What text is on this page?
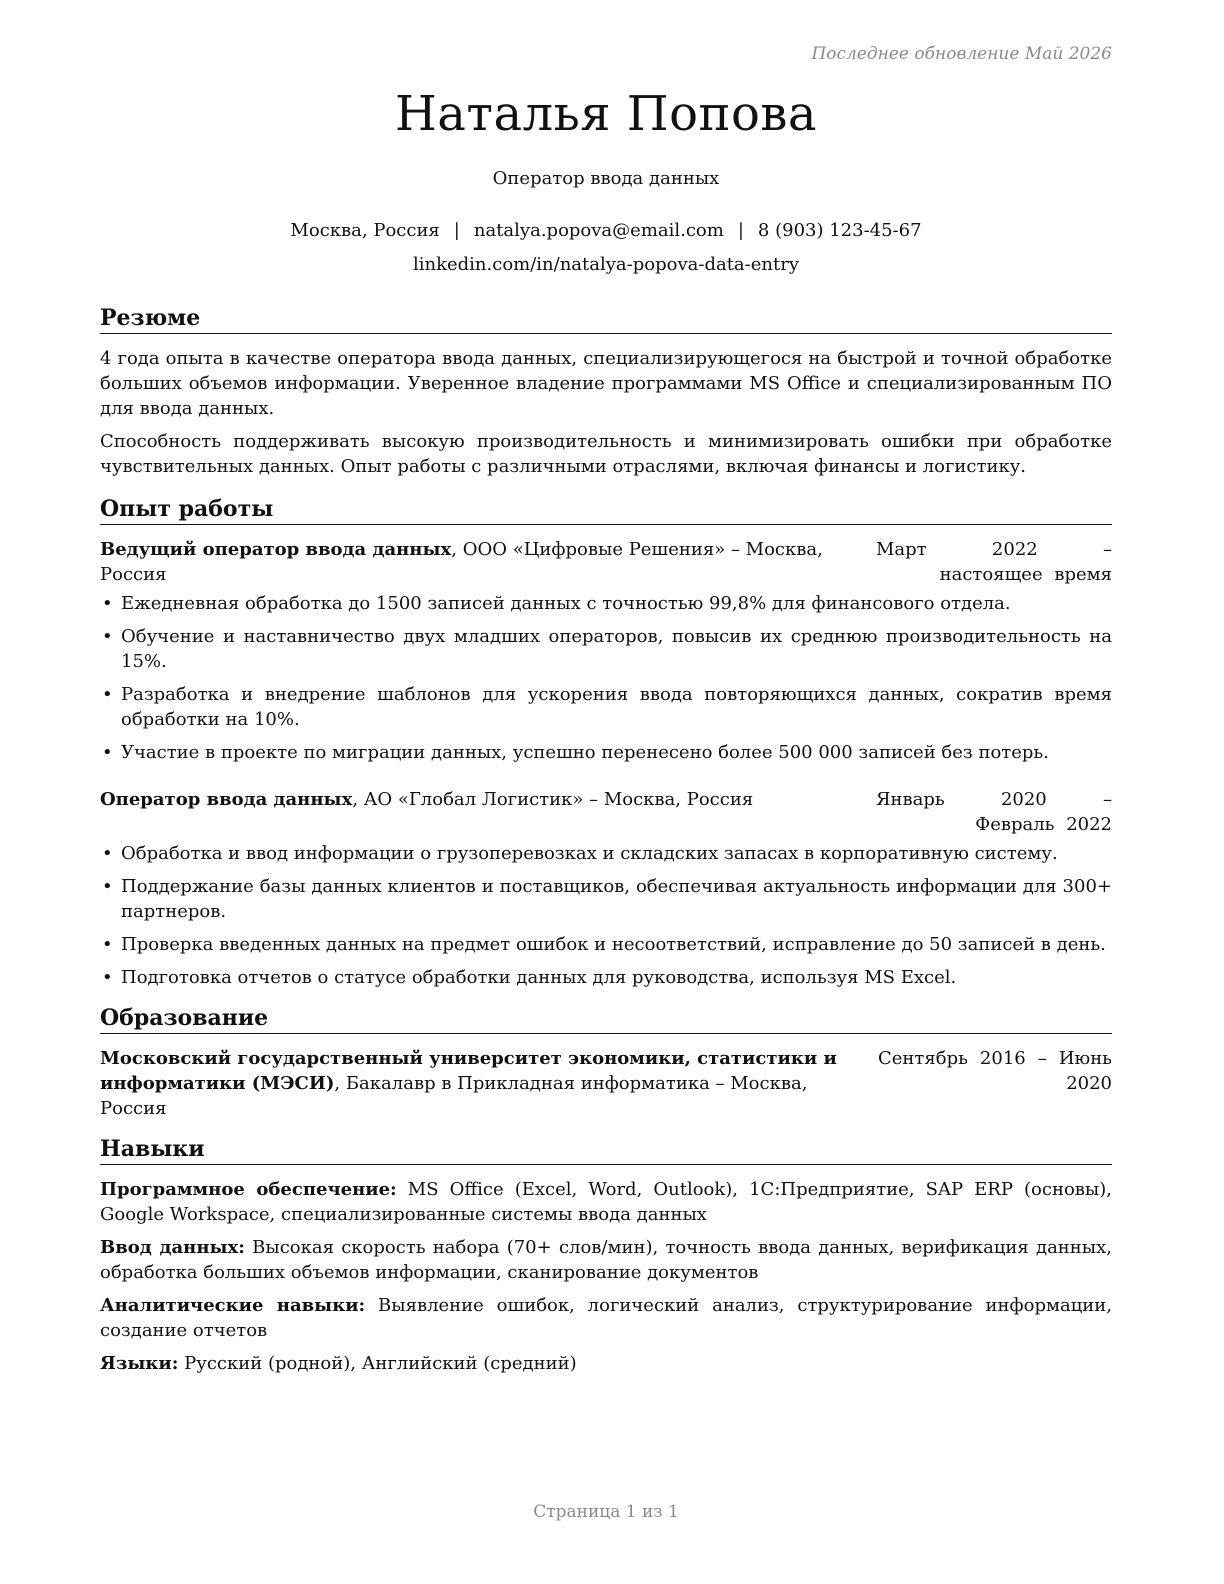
Последнее обновление Май 2026
Наталья Попова
Оператор ввода данных
Москва, Россия | natalya.popova@email.com | 8 (903) 123-45-67
linkedin.com/in/natalya-popova-data-entry
Резюме

4 года опыта в качестве оператора ввода данных, специализирующегося на быстрой и точной обработке больших объемов информации. Уверенное владение программами MS Office и специализированным ПО для ввода данных.

Способность поддерживать высокую производительность и минимизировать ошибки при обработке чувствительных данных. Опыт работы с различными отраслями, включая финансы и логистику.

Опыт работы
Ведущий оператор ввода данных, ООО «Цифровые Решения» – Москва, Россия
Март 2022 – настоящее время
• Ежедневная обработка до 1500 записей данных с точностью 99,8% для финансового отдела.
• Обучение и наставничество двух младших операторов, повысив их среднюю производительность на 15%.
• Разработка и внедрение шаблонов для ускорения ввода повторяющихся данных, сократив время обработки на 10%.
• Участие в проекте по миграции данных, успешно перенесено более 500 000 записей без потерь.
Оператор ввода данных, АО «Глобал Логистик» – Москва, Россия	Январь 2020 – Февраль 2022
• Обработка и ввод информации о грузоперевозках и складских запасах в корпоративную систему.
• Поддержание базы данных клиентов и поставщиков, обеспечивая актуальность информации для 300+ партнеров.
• Проверка введенных данных на предмет ошибок и несоответствий, исправление до 50 записей в день.
• Подготовка отчетов о статусе обработки данных для руководства, используя MS Excel.
Образование
Московский государственный университет экономики, статистики и информатики (МЭСИ), Бакалавр в Прикладная информатика – Москва, Россия
Сентябрь 2016 – Июнь 2020
Навыки
Программное обеспечение: MS Office (Excel, Word, Outlook), 1С:Предприятие, SAP ERP (основы), Google Workspace, специализированные системы ввода данных
Ввод данных: Высокая скорость набора (70+ слов/мин), точность ввода данных, верификация данных, обработка больших объемов информации, сканирование документов
Аналитические навыки: Выявление ошибок, логический анализ, структурирование информации, создание отчетов
Языки: Русский (родной), Английский (средний)
Страница 1 из 1
